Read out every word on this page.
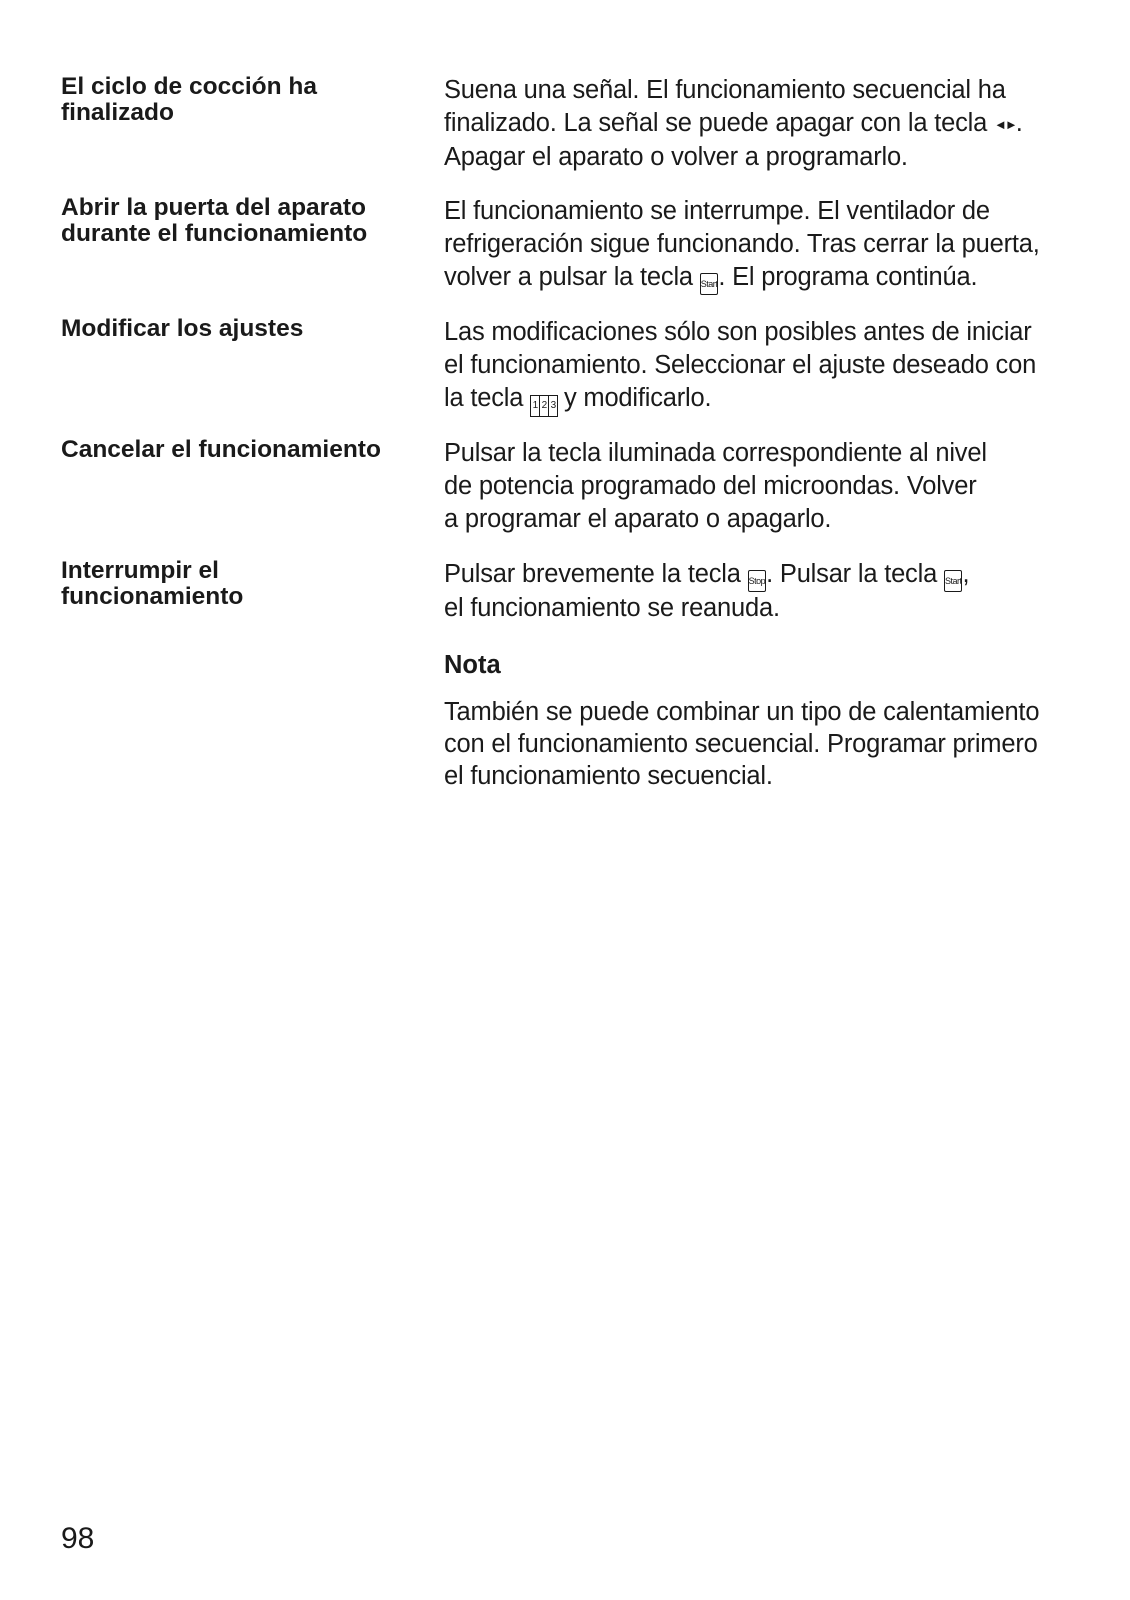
El ciclo de cocción ha
finalizado
Suena una señal. El funcionamiento secuencial ha
finalizado. La señal se puede apagar con la tecla ◄►.
Apagar el aparato o volver a programarlo.
Abrir la puerta del aparato
durante el funcionamiento
El funcionamiento se interrumpe. El ventilador de
refrigeración sigue funcionando. Tras cerrar la puerta,
volver a pulsar la tecla Start. El programa continúa.
Modificar los ajustes	Las modificaciones sólo son posibles antes de iniciar
el funcionamiento. Seleccionar el ajuste deseado con
la tecla 1 2 3 y modificarlo.
Cancelar el funcionamiento	Pulsar la tecla iluminada correspondiente al nivel
de potencia programado del microondas. Volver
a programar el aparato o apagarlo.
Interrumpir el
funcionamiento
Pulsar brevemente la tecla Stop. Pulsar la tecla Start,
el funcionamiento se reanuda.
Nota
También se puede combinar un tipo de calentamiento
con el funcionamiento secuencial. Programar primero
el funcionamiento secuencial.
98
